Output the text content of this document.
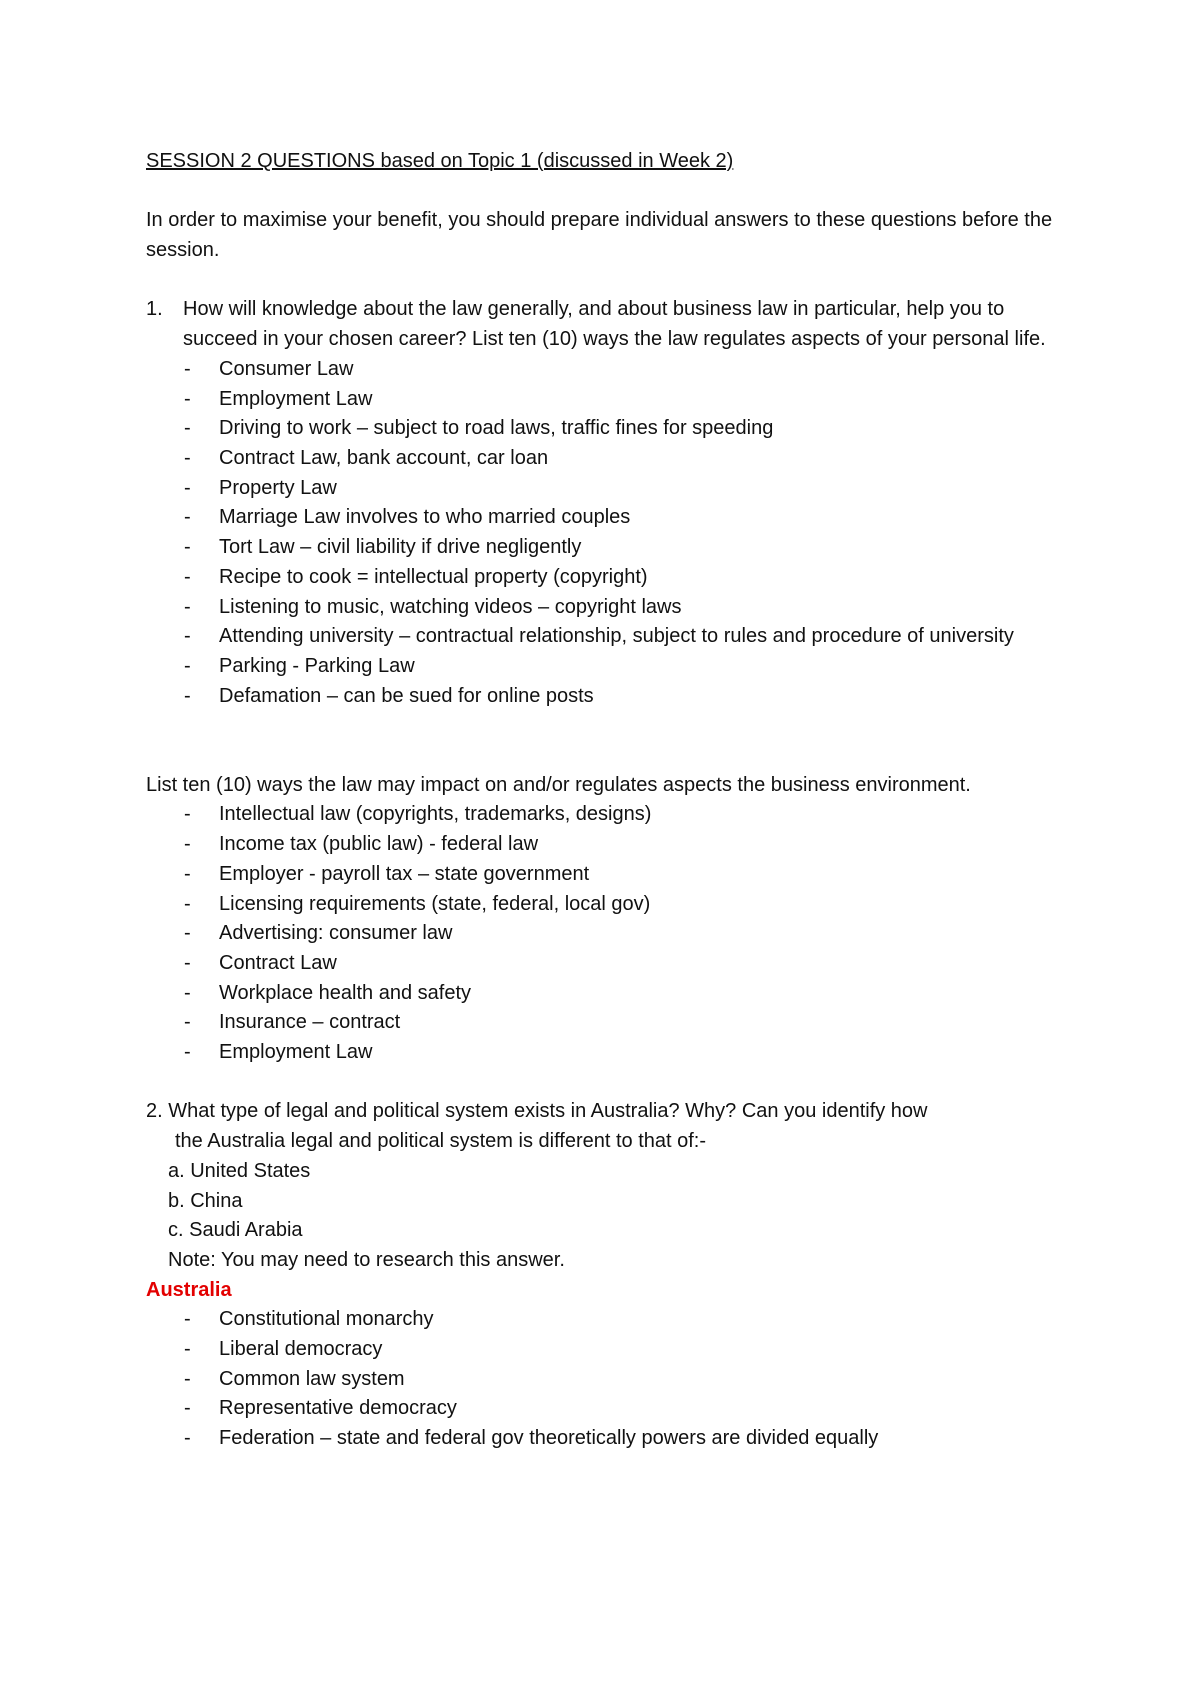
SESSION 2 QUESTIONS based on Topic 1 (discussed in Week 2)

In order to maximise your benefit, you should prepare individual answers to these questions before the session.

1. How will knowledge about the law generally, and about business law in particular, help you to succeed in your chosen career? List ten (10) ways the law regulates aspects of your personal life.
- Consumer Law
- Employment Law
- Driving to work – subject to road laws, traffic fines for speeding
- Contract Law, bank account, car loan
- Property Law
- Marriage Law involves to who married couples
- Tort Law – civil liability if drive negligently
- Recipe to cook = intellectual property (copyright)
- Listening to music, watching videos – copyright laws
- Attending university – contractual relationship, subject to rules and procedure of university
- Parking - Parking Law
- Defamation – can be sued for online posts

List ten (10) ways the law may impact on and/or regulates aspects the business environment.

- Intellectual law (copyrights, trademarks, designs)
- Income tax (public law) - federal law
- Employer - payroll tax – state government
- Licensing requirements (state, federal, local gov)
- Advertising: consumer law
- Contract Law
- Workplace health and safety
- Insurance – contract
- Employment Law

2. What type of legal and political system exists in Australia? Why? Can you identify how

the Australia legal and political system is different to that of:-

a. United States
b. China
c. Saudi Arabia
Note: You may need to research this answer.
Australia
- Constitutional monarchy
- Liberal democracy
- Common law system
- Representative democracy
- Federation – state and federal gov theoretically powers are divided equally
